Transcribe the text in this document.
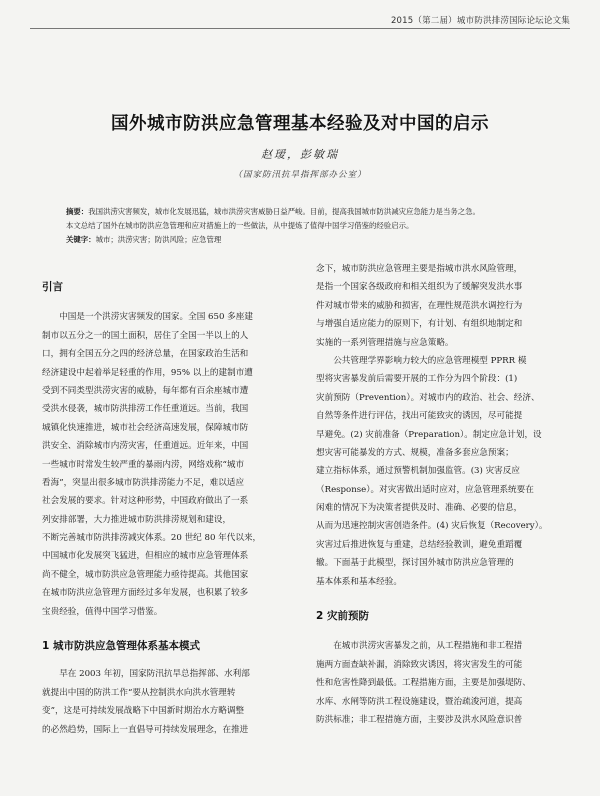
2015（第二届）城市防洪排涝国际论坛论文集
国外城市防洪应急管理基本经验及对中国的启示
赵瑷，彭敏瑞
（国家防汛抗旱指挥部办公室）

摘要：我国洪涝灾害频发，城市化发展迅猛，城市洪涝灾害威胁日益严峻。目前，提高我国城市防洪减灾应急能力是当务之急。
本文总结了国外在城市防洪应急管理和应对措施上的一些做法，从中提炼了值得中国学习借鉴的经验启示。

关键字：城市；洪涝灾害；防洪风险；应急管理

引言
中国是一个洪涝灾害频发的国家。全国 650 多座建
制市以五分之一的国土面积，居住了全国一半以上的人
口，拥有全国五分之四的经济总量，在国家政治生活和
经济建设中起着举足轻重的作用，95% 以上的建制市遭
受到不同类型洪涝灾害的威胁，每年都有百余座城市遭
受洪水侵袭，城市防洪排涝工作任重道远。当前，我国
城镇化快速推进，城市社会经济高速发展，保障城市防
洪安全、消除城市内涝灾害，任重道远。近年来，中国
一些城市时常发生较严重的暴雨内涝，网络戏称“城市
看海”，突显出很多城市防洪排涝能力不足，难以适应
社会发展的要求。针对这种形势，中国政府做出了一系
列安排部署，大力推进城市防洪排涝规划和建设，
不断完善城市防洪排涝减灾体系。20 世纪 80 年代以来，
中国城市化发展突飞猛进，但相应的城市应急管理体系
尚不健全，城市防洪应急管理能力亟待提高。其他国家
在城市防洪应急管理方面经过多年发展，也积累了较多
宝贵经验，值得中国学习借鉴。
1 城市防洪应急管理体系基本模式
早在 2003 年初，国家防汛抗旱总指挥部、水利部
就提出中国的防洪工作“要从控制洪水向洪水管理转
变”，这是可持续发展战略下中国新时期治水方略调整
的必然趋势，国际上一直倡导可持续发展理念，在推进
念下，城市防洪应急管理主要是指城市洪水风险管理，
是指一个国家各级政府和相关组织为了缓解突发洪水事
件对城市带来的威胁和损害，在理性规范洪水调控行为
与增强自适应能力的原则下，有计划、有组织地制定和
实施的一系列管理措施与应急策略。
公共管理学界影响力较大的应急管理模型 PPRR 模
型将灾害暴发前后需要开展的工作分为四个阶段：(1)
灾前预防（Prevention）。对城市内的政治、社会、经济、
自然等条件进行评估，找出可能致灾的诱因，尽可能提
早避免。(2) 灾前准备（Preparation）。制定应急计划，设
想灾害可能暴发的方式、规模，准备多套应急预案；
建立指标体系，通过预警机制加强监管。(3) 灾害反应
（Response）。对灾害做出适时应对，应急管理系统要在
闲难的情况下为决策者提供及时、准确、必要的信息，
从而为迅速控制灾害创造条件。(4) 灾后恢复（Recovery）。
灾害过后推进恢复与重建，总结经验教训，避免重蹈覆
辙。下面基于此模型，探讨国外城市防洪应急管理的
基本体系和基本经验。
2 灾前预防
在城市洪涝灾害暴发之前，从工程措施和非工程措
施两方面查缺补漏，消除致灾诱因，将灾害发生的可能
性和危害性降到最低。工程措施方面，主要是加强堤防、
水库、水闸等防洪工程设施建设，暨治疏浚河道，提高
防洪标准；非工程措施方面，主要涉及洪水风险意识普
